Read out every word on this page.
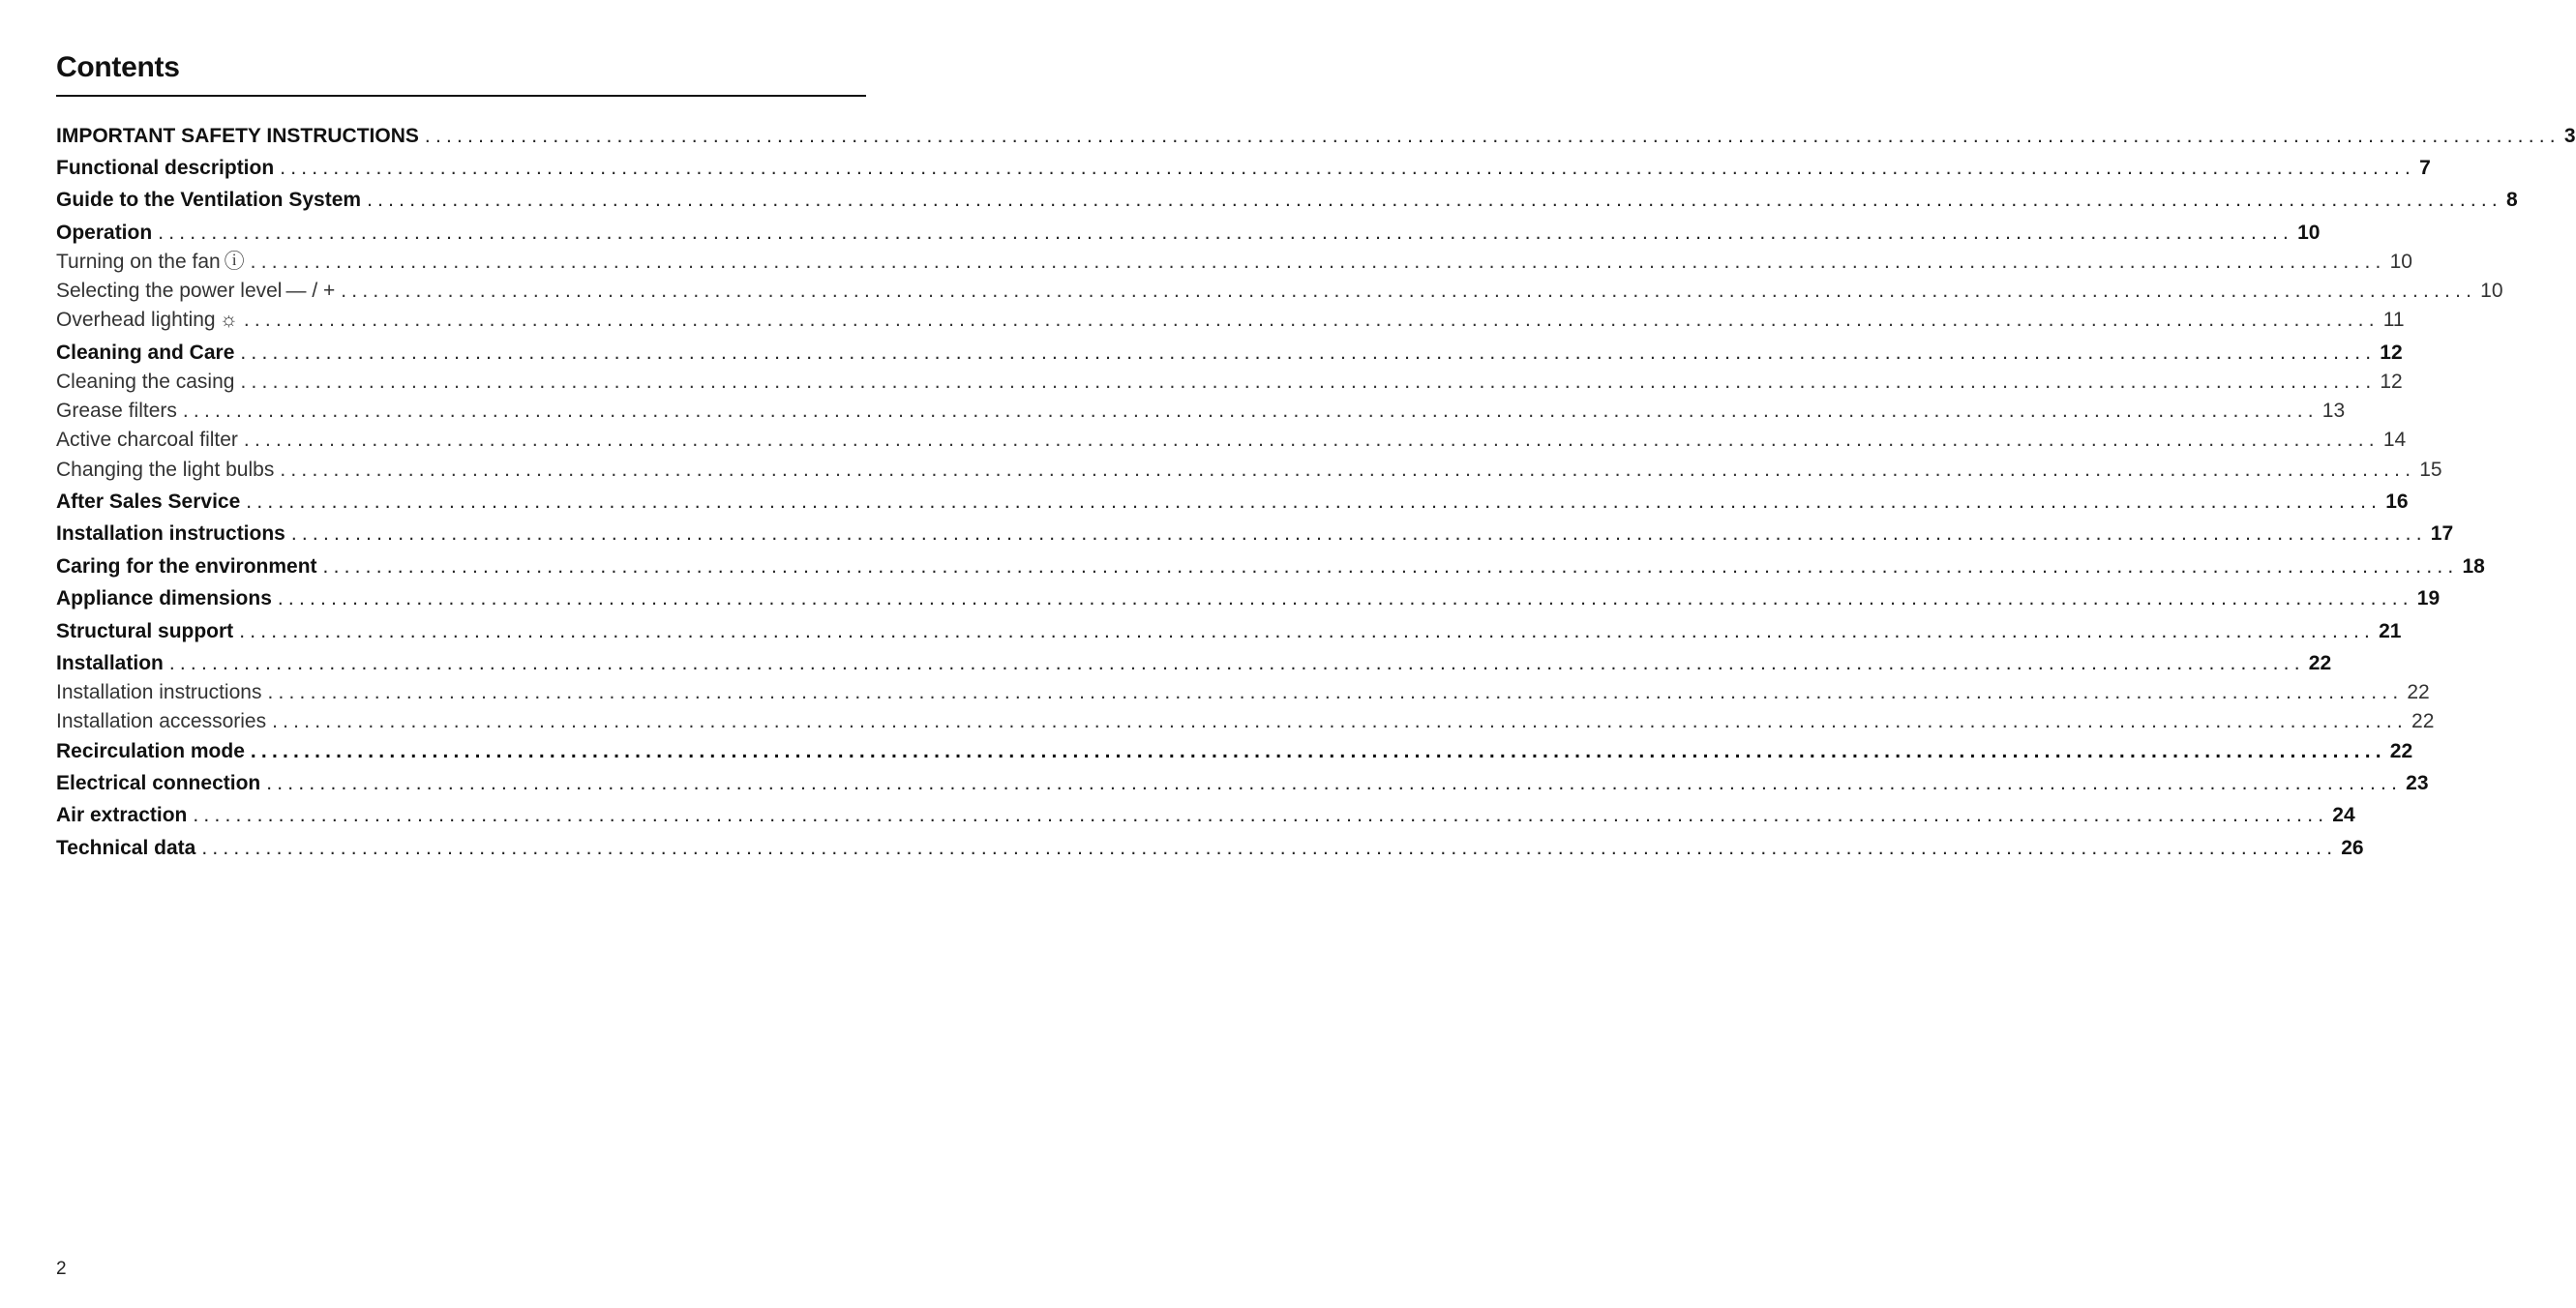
Contents
IMPORTANT SAFETY INSTRUCTIONS ........................................................................................................................................................................................................ 3
Functional description ........................................................................................................................................................................................................ 7
Guide to the Ventilation System ........................................................................................................................................................................................................ 8
Operation ........................................................................................................................................................................................................ 10
Turning on the fan ⓘ ........................................................................................................................................................................................................ 10
Selecting the power level — / + ........................................................................................................................................................................................................ 10
Overhead lighting ☼ ........................................................................................................................................................................................................ 11
Cleaning and Care ........................................................................................................................................................................................................ 12
Cleaning the casing ........................................................................................................................................................................................................ 12
Grease filters ........................................................................................................................................................................................................ 13
Active charcoal filter ........................................................................................................................................................................................................ 14
Changing the light bulbs ........................................................................................................................................................................................................ 15
After Sales Service ........................................................................................................................................................................................................ 16
Installation instructions ........................................................................................................................................................................................................ 17
Caring for the environment ........................................................................................................................................................................................................ 18
Appliance dimensions ........................................................................................................................................................................................................ 19
Structural support ........................................................................................................................................................................................................ 21
Installation ........................................................................................................................................................................................................ 22
Installation instructions ........................................................................................................................................................................................................ 22
Installation accessories ........................................................................................................................................................................................................ 22
Recirculation mode ........................................................................................................................................................................................................ 22
Electrical connection ........................................................................................................................................................................................................ 23
Air extraction ........................................................................................................................................................................................................ 24
Technical data ........................................................................................................................................................................................................ 26
2
